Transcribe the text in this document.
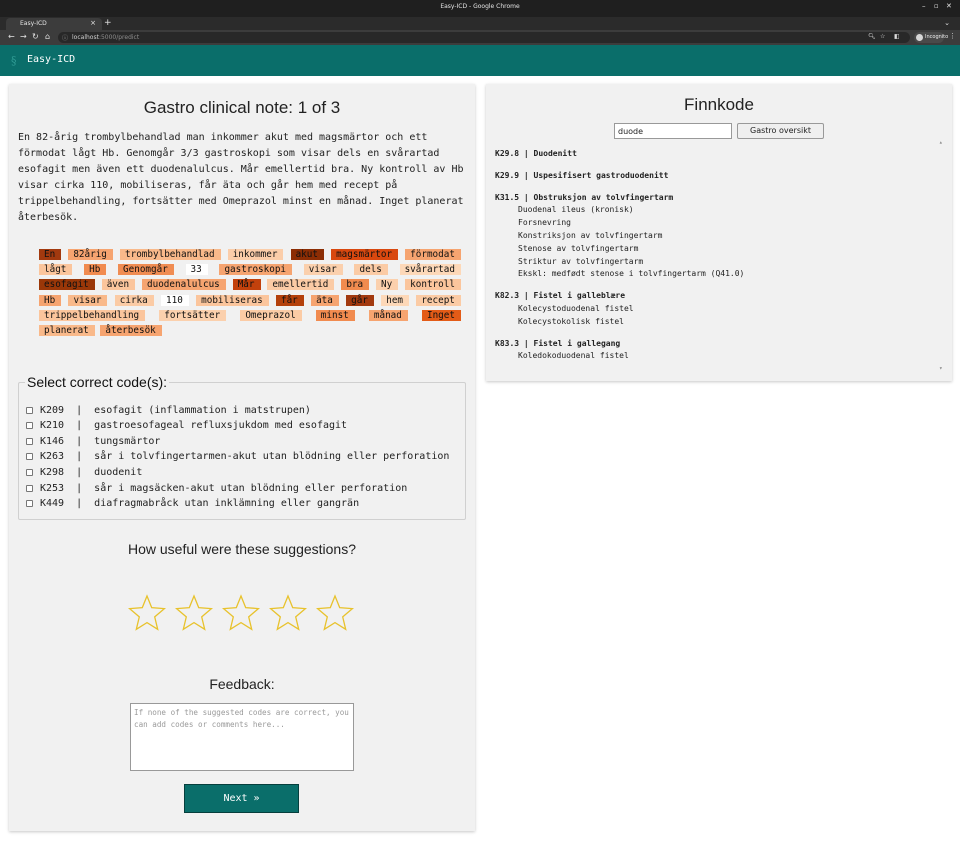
Easy-ICD - Google Chrome	– ▫ ✕
Easy-ICD	× +	⌄
← → ↻ ⌂ ⓘ localhost:5000/predict	🔍︎ ☆ ◧	Incognito ⋮
§ Easy-ICD
Gastro clinical note: 1 of 3
En 82-årig trombylbehandlad man inkommer akut med magsmärtor och ett förmodat lågt Hb. Genomgår 3/3 gastroskopi som visar dels en svårartad esofagit men även ett duodenalulcus. Mår emellertid bra. Ny kontroll av Hb visar cirka 110, mobiliseras, får äta och går hem med recept på trippelbehandling, fortsätter med Omeprazol minst en månad. Inget planerat återbesök.
En 82årig trombylbehandlad inkommer akut magsmärtor förmodat lågt Hb Genomgår 33 gastroskopi visar dels svårartad esofagit även duodenalulcus Mår emellertid bra Ny kontroll Hb visar cirka 110 mobiliseras får äta går hem recept trippelbehandling	fortsätter	Omeprazol	minst	månad	Inget planerat återbesök
Select correct code(s):
K209  |  esofagit (inflammation i matstrupen)
K210  |  gastroesofageal refluxsjukdom med esofagit
K146  |  tungsmärtor
K263  |  sår i tolvfingertarmen-akut utan blödning eller perforation
K298  |  duodenit
K253  |  sår i magsäcken-akut utan blödning eller perforation
K449  |  diafragmabråck utan inklämning eller gangrän
How useful were these suggestions?
Feedback:
If none of the suggested codes are correct, you can add codes or comments here...
Next »
Finnkode
duode
Gastro oversikt
▴
K29.8 | Duodenitt
K29.9 | Uspesifisert gastroduodenitt
K31.5 | Obstruksjon av tolvfingertarm
Duodenal ileus (kronisk)
Forsnevring
Konstriksjon av tolvfingertarm
Stenose av tolvfingertarm
Striktur av tolvfingertarm
Ekskl: medfødt stenose i tolvfingertarm (Q41.0)
K82.3 | Fistel i galleblære
Kolecystoduodenal fistel
Kolecystokolisk fistel
K83.3 | Fistel i gallegang
Koledokoduodenal fistel
▾
